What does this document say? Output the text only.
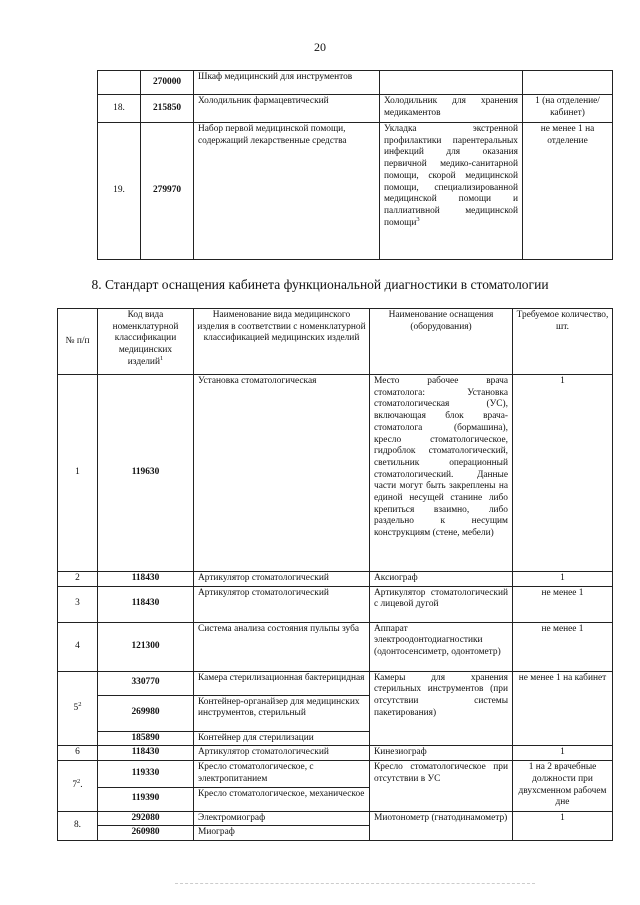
20
	270000	Шкаф медицинский для инструментов		
18.	215850	Холодильник фармацевтический	Холодильник для хранения медикаментов	1 (на отделение/ кабинет)
19.	279970	Набор первой медицинской помощи, содержащий лекарственные средства	Укладка экстренной профилактики парентеральных инфекций для оказания первичной медико-санитарной помощи, скорой медицинской помощи, специализированной медицинской помощи и паллиативной медицинской помощи$^3$	не менее 1 на отделение
8. Стандарт оснащения кабинета функциональной диагностики в стоматологии
№ п/п	Код вида номенклатурной классификации медицинских изделий$^1$	Наименование вида медицинского изделия в соответствии с номенклатурной классификацией медицинских изделий	Наименование оснащения (оборудования)	Требуемое количество, шт.
1	119630	Установка стоматологическая	Место рабочее врача стоматолога: Установка стоматологическая (УС), включающая блок врача-стоматолога (бормашина), кресло стоматологическое, гидроблок стоматологический, светильник операционный стоматологический. Данные части могут быть закреплены на единой несущей станине либо крепиться взаимно, либо раздельно к несущим конструкциям (стене, мебели)	1
2	118430	Артикулятор стоматологический	Аксиограф	1
3	118430	Артикулятор стоматологический	Артикулятор стоматологический с лицевой дугой	не менее 1
4	121300	Система анализа состояния пульпы зуба	Аппарат электроодонтодиагностики (одонтосенсиметр, одонтометр)	не менее 1
$5^2$	330770	Камера стерилизационная бактерицидная	Камеры для хранения стерильных инструментов (при отсутствии системы пакетирования)	не менее 1 на кабинет
	269980	Контейнер-органайзер для медицинских инструментов, стерильный		
	185890	Контейнер для стерилизации		
6	118430	Артикулятор стоматологический	Кинезиограф	1
$7^2$.	119330	Кресло стоматологическое, с электропитанием	Кресло стоматологическое при отсутствии в УС	1 на 2 врачебные должности при двухсменном рабочем дне
	119390	Кресло стоматологическое, механическое		
8.	292080	Электромиограф	Миотонометр (гнатодинамометр)	1
	260980	Миограф		
